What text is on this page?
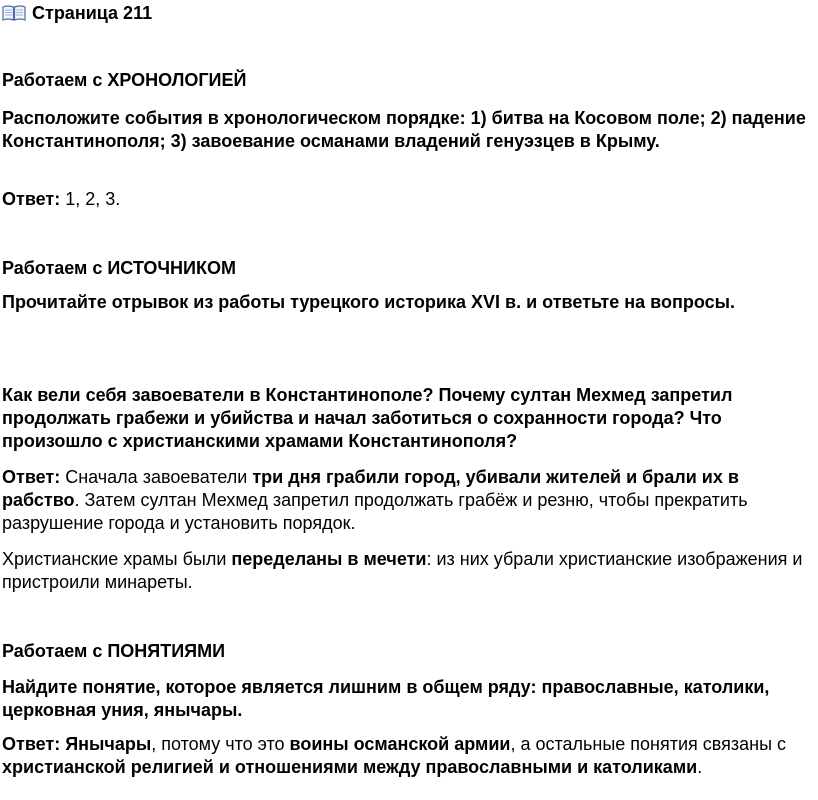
Страница 211

Работаем с ХРОНОЛОГИЕЙ

Расположите события в хронологическом порядке: 1) битва на Косовом поле; 2) падение Константинополя; 3) завоевание османами владений генуэзцев в Крыму.

Ответ: 1, 2, 3.

Работаем с ИСТОЧНИКОМ

Прочитайте отрывок из работы турецкого историка XVI в. и ответьте на вопросы.

Как вели себя завоеватели в Константинополе? Почему султан Мехмед запретил продолжать грабежи и убийства и начал заботиться о сохранности города? Что произошло с христианскими храмами Константинополя?

Ответ: Сначала завоеватели три дня грабили город, убивали жителей и брали их в рабство. Затем султан Мехмед запретил продолжать грабёж и резню, чтобы прекратить разрушение города и установить порядок.

Христианские храмы были переделаны в мечети: из них убрали христианские изображения и пристроили минареты.

Работаем с ПОНЯТИЯМИ

Найдите понятие, которое является лишним в общем ряду: православные, католики, церковная уния, янычары.

Ответ: Янычары, потому что это воины османской армии, а остальные понятия связаны с христианской религией и отношениями между православными и католиками.
